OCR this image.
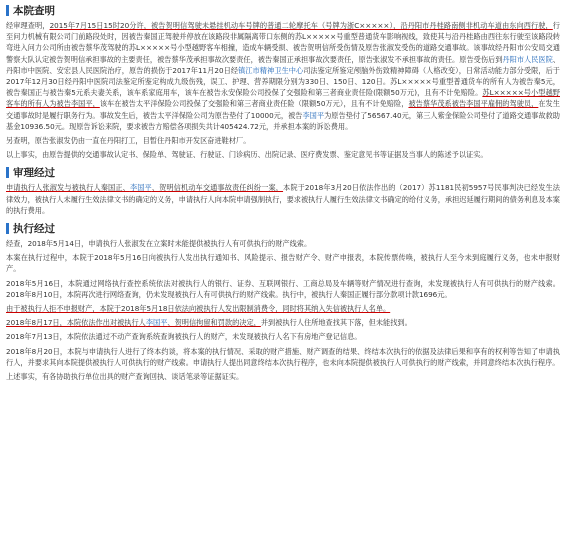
本院查明

经审理查明，2015年7月15日15时20分许，被告贺明信驾驶未悬挂机动车号牌的普通二轮摩托车（号牌为浙C×××××），沿丹阳市丹桂路南侧非机动车道由东向西行驶，行至问力机械有限公司门前路段处时，因被告秦国正驾驶并停放在该路段非属隔离带口东侧的苏L×××××号重型普通货车影响视线，致使其与沿丹桂路由西往东行驶至该路段转弯进入问力公司所由被告蔡华茂驾驶的苏L×××××号小型越野客车相撞，造成车辆受损、被告贺明信所受伤情及原告张淑发受伤的道路交通事故。该事故经丹阳市公安局交通警察大队认定被告贺明信承担事故的主要责任，被告蔡华茂承担事故次要责任，被告秦国正承担事故次要责任，原告张淑发不承担事故的责任。原告受伤后到丹阳市人民医院、丹阳市中医院、安宏县人民医院治疗，原告的损伤于2017年11月20日经镇江市精神卫生中心司法鉴定所鉴定颅脑外伤致精神障碍（人格改变），日常活动能力部分受限，后于2017年12月30日经丹阳中医院司法鉴定所鉴定构成九级伤残，误工、护理、营养期限分别为330日、150日、120日。苏L×××××号重型普通货车的所有人为被告秦5元，被告秦国正与被告秦5元系夫妻关系，该车系家庭用车，该车在被告永安保险公司投保了交强险和第三者商业责任险(限额50万元)，且有不计免赔险。苏L×××××号小型越野客车的所有人为被告李国平，该车在被告太平洋保险公司投保了交强险和第三者商业责任险（限额50万元），且有不计免赔险，被告蔡华茂系被告李国平雇佣的驾驶员，在发生交通事故时是履行职务行为。事故发生后，被告太平洋保险公司为原告垫付了10000元，被告李国平为原告垫付了56567.40元，第三人紫金保险公司垫付了道路交通事故救助基金10936.50元。现原告诉讼来院，要求被告方赔偿各项损失共计405424.72元，并承担本案的诉讼费用。

另查明，原告张淑发仍由一直在丹阳打工，目暂住丹阳市开发区奋进鞋材厂。

以上事实，由原告提供的交通事故认定书、保险单、驾驶证、行驶证、门诊病历、出院记录、医疗费发票、鉴定意见书等证据及当事人的陈述予以证实。

审理经过

申请执行人张淑发与被执行人秦国正、李国平、贺明信机动车交通事故责任纠纷一案，本院于2018年3月20日依法作出的（2017）苏1181民初5957号民事判决已经发生法律效力，被执行人未履行生效法律文书的确定的义务，申请执行人向本院申请强制执行，要求被执行人履行生效法律文书确定的给付义务，承担迟延履行期间的债务利息及本案的执行费用。

执行经过

经查，2018年5月14日，申请执行人张淑发在立案时未能提供被执行人有可供执行的财产线索。

本案在执行过程中，本院于2018年5月16日向被执行人发出执行通知书、风险提示、报告财产令、财产申报表，本院传票传唤，被执行人至今未到庭履行义务，也未申报财产。

2018年5月16日，本院通过网络执行查控系统依法对被执行人的银行、证券、互联网银行、工商总局及车辆等财产情况进行查询，未发现被执行人有可供执行的财产线索。2018年8月10日，本院再次进行网络查询，仍未发现被执行人有可供执行的财产线索。执行中，被执行人秦国正履行部分款项计款1696元。

由于被执行人拒不申报财产，本院于2018年5月18日依法向被执行人发出限制消费令，同时将其纳入失信被执行人名单。

2018年8月17日，本院依法作出对被执行人李国平、贺明信拘留和罚款的决定，并到被执行人住所地查找其下落，但未能找到。

2018年7月13日，本院依法通过不动产查询系统查询被执行人的财产，未发现被执行人名下有房地产登记信息。

2018年8月20日，本院与申请执行人进行了终本约谈，将本案的执行情况、采取的财产措施、财产调查的结果、终结本次执行的依据及法律后果和享有的权利等告知了申请执行人，并要求其向本院提供被执行人可供执行的财产线索。申请执行人提出同意终结本次执行程序，也未向本院提供被执行人可供执行的财产线索，并同意终结本次执行程序。

上述事实，有各协助执行单位出具的财产查询回执、谈话笔录等证据证实。
